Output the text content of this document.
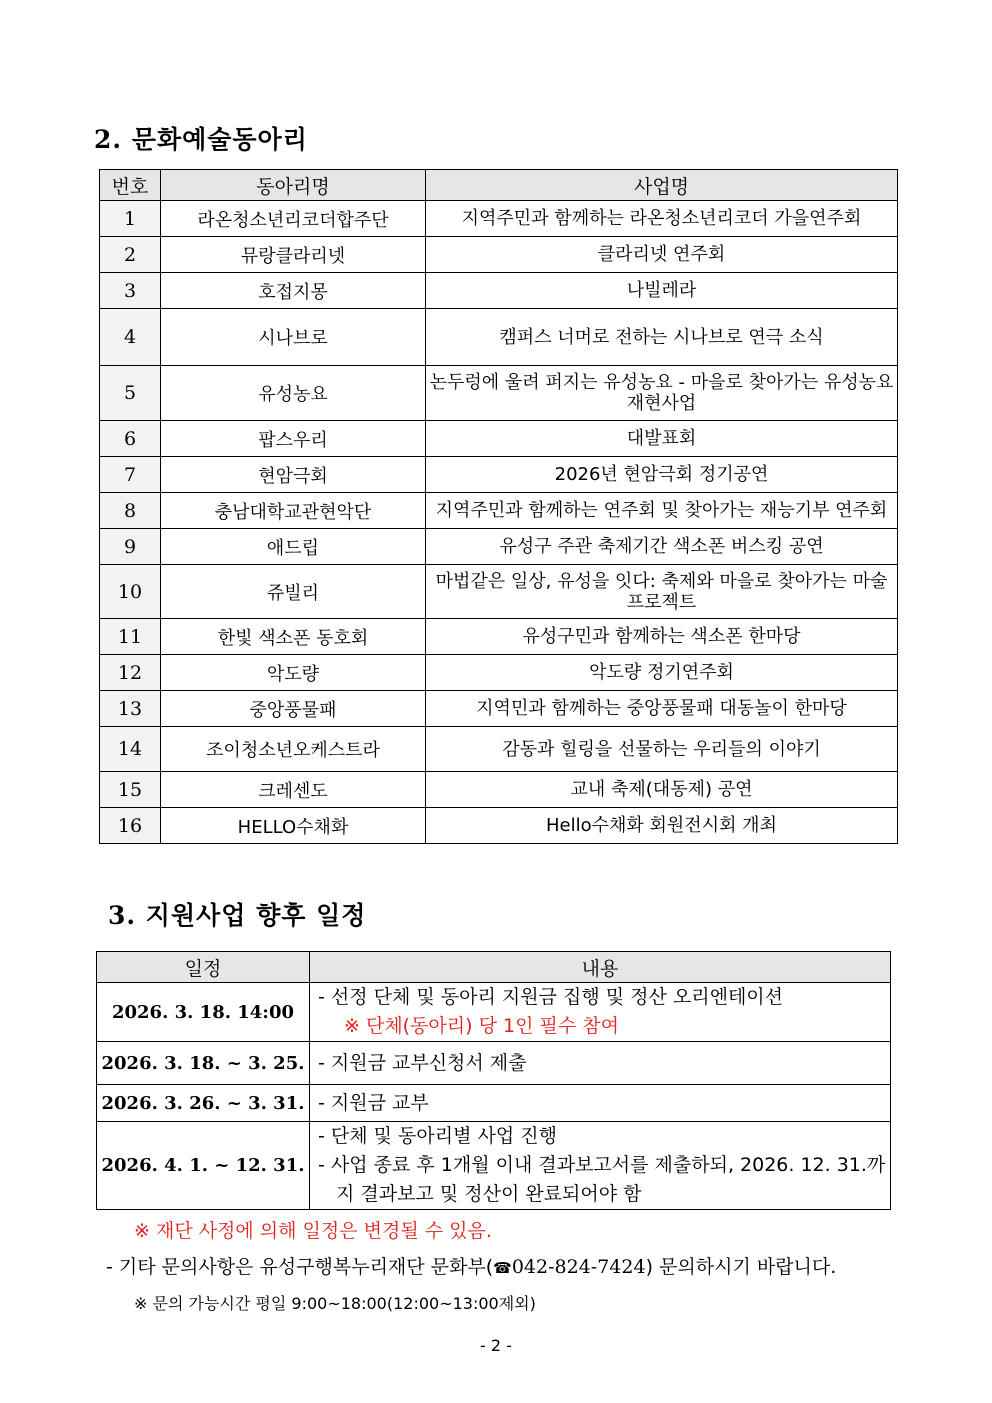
2. 문화예술동아리
번호	동아리명	사업명
1	라온청소년리코더합주단	지역주민과 함께하는 라온청소년리코더 가을연주회
2	뮤랑클라리넷	클라리넷 연주회
3	호접지몽	나빌레라
4	시나브로	캠퍼스 너머로 전하는 시나브로 연극 소식
5	유성농요	논두렁에 울려 퍼지는 유성농요 - 마을로 찾아가는 유성농요 재현사업
6	팝스우리	대발표회
7	현암극회	2026년 현암극회 정기공연
8	충남대학교관현악단	지역주민과 함께하는 연주회 및 찾아가는 재능기부 연주회
9	애드립	유성구 주관 축제기간 색소폰 버스킹 공연
10	쥬빌리	마법같은 일상, 유성을 잇다: 축제와 마을로 찾아가는 마술 프로젝트
11	한빛 색소폰 동호회	유성구민과 함께하는 색소폰 한마당
12	악도량	악도량 정기연주회
13	중앙풍물패	지역민과 함께하는 중앙풍물패 대동놀이 한마당
14	조이청소년오케스트라	감동과 힐링을 선물하는 우리들의 이야기
15	크레센도	교내 축제(대동제) 공연
16	HELLO수채화	Hello수채화 회원전시회 개최
3. 지원사업 향후 일정
일정	내용
2026. 3. 18. 14:00	- 선정 단체 및 동아리 지원금 집행 및 정산 오리엔테이션
※ 단체(동아리) 당 1인 필수 참여

2026. 3. 18. ~ 3. 25.	- 지원금 교부신청서 제출

2026. 3. 26. ~ 3. 31.	- 지원금 교부

2026. 4. 1. ~ 12. 31.	- 단체 및 동아리별 사업 진행
- 사업 종료 후 1개월 이내 결과보고서를 제출하되, 2026. 12. 31.까지 결과보고 및 정산이 완료되어야 함
※ 재단 사정에 의해 일정은 변경될 수 있음.
- 기타 문의사항은 유성구행복누리재단 문화부(☎042-824-7424) 문의하시기 바랍니다.
※ 문의 가능시간 평일 9:00~18:00(12:00~13:00제외)
- 2 -
